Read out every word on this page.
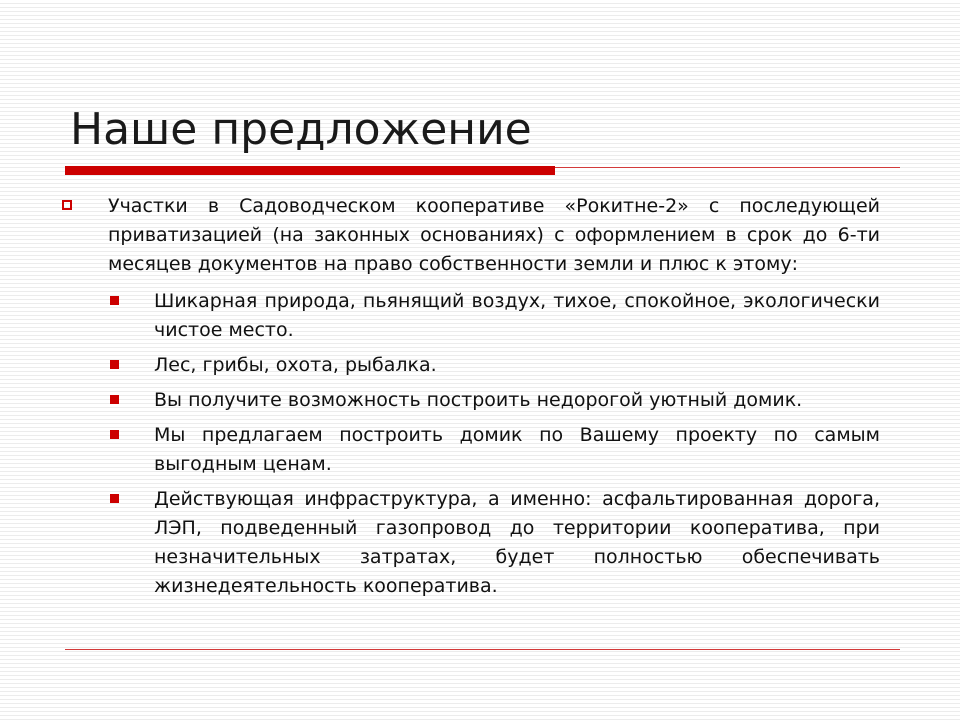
Наше предложение
Участки в Садоводческом кооперативе «Рокитне-2» с последующей приватизацией (на законных основаниях) с оформлением в срок до 6-ти месяцев документов на право собственности земли и плюс к этому:
Шикарная природа, пьянящий воздух, тихое, спокойное, экологически чистое место.
Лес, грибы, охота, рыбалка.
Вы получите возможность построить недорогой уютный домик.
Мы предлагаем построить домик по Вашему проекту по самым выгодным ценам.
Действующая инфраструктура, а именно: асфальтированная дорога, ЛЭП, подведенный газопровод до территории кооператива, при незначительных затратах, будет полностью обеспечивать жизнедеятельность кооператива.
